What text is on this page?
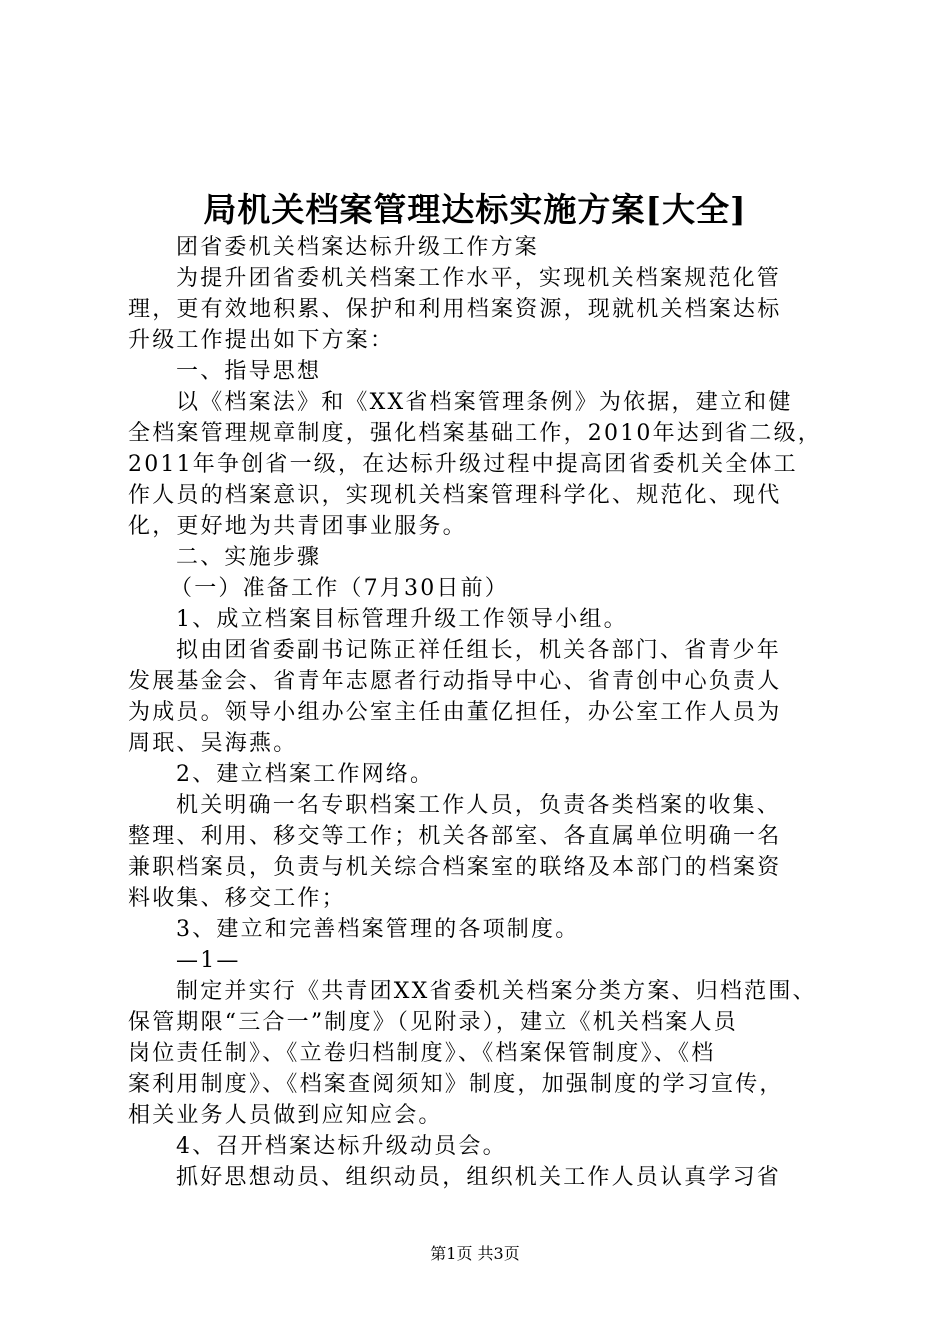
局机关档案管理达标实施方案[大全]
团省委机关档案达标升级工作方案
为提升团省委机关档案工作水平，实现机关档案规范化管
理，更有效地积累、保护和利用档案资源，现就机关档案达标
升级工作提出如下方案：
一、指导思想
以《档案法》和《XX省档案管理条例》为依据，建立和健
全档案管理规章制度，强化档案基础工作，2010年达到省二级，
2011年争创省一级，在达标升级过程中提高团省委机关全体工
作人员的档案意识，实现机关档案管理科学化、规范化、现代
化，更好地为共青团事业服务。
二、实施步骤
（一）准备工作（7月30日前）
1、成立档案目标管理升级工作领导小组。
拟由团省委副书记陈正祥任组长，机关各部门、省青少年
发展基金会、省青年志愿者行动指导中心、省青创中心负责人
为成员。领导小组办公室主任由董亿担任，办公室工作人员为
周珉、吴海燕。
2、建立档案工作网络。
机关明确一名专职档案工作人员，负责各类档案的收集、
整理、利用、移交等工作；机关各部室、各直属单位明确一名
兼职档案员，负责与机关综合档案室的联络及本部门的档案资
料收集、移交工作；
3、建立和完善档案管理的各项制度。
—1—
制定并实行《共青团XX省委机关档案分类方案、归档范围、
保管期限“三合一”制度》（见附录），建立《机关档案人员
岗位责任制》、《立卷归档制度》、《档案保管制度》、《档
案利用制度》、《档案查阅须知》制度，加强制度的学习宣传，
相关业务人员做到应知应会。
4、召开档案达标升级动员会。
抓好思想动员、组织动员，组织机关工作人员认真学习省
第1页 共3页
